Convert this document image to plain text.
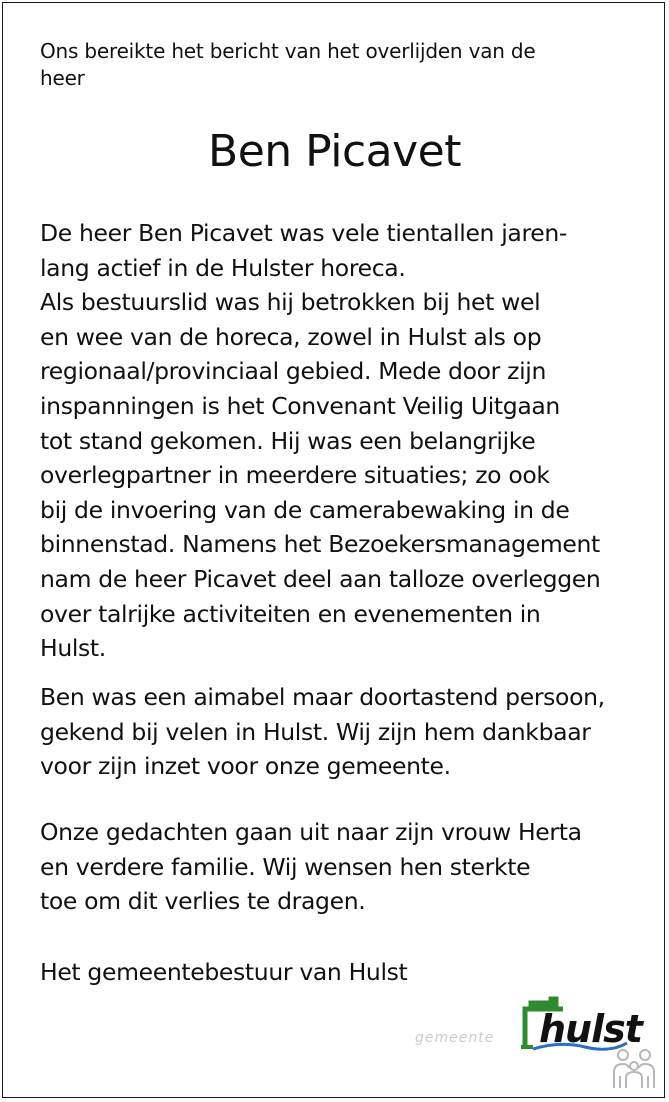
Ons bereikte het bericht van het overlijden van de
heer

Ben Picavet

De heer Ben Picavet was vele tientallen jaren-
lang actief in de Hulster horeca.
Als bestuurslid was hij betrokken bij het wel
en wee van de horeca, zowel in Hulst als op
regionaal/provinciaal gebied. Mede door zijn
inspanningen is het Convenant Veilig Uitgaan
tot stand gekomen. Hij was een belangrijke
overlegpartner in meerdere situaties; zo ook
bij de invoering van de camerabewaking in de
binnenstad. Namens het Bezoekersmanagement
nam de heer Picavet deel aan talloze overleggen
over talrijke activiteiten en evenementen in
Hulst.

Ben was een aimabel maar doortastend persoon,
gekend bij velen in Hulst. Wij zijn hem dankbaar
voor zijn inzet voor onze gemeente.

Onze gedachten gaan uit naar zijn vrouw Herta
en verdere familie. Wij wensen hen sterkte
toe om dit verlies te dragen.

Het gemeentebestuur van Hulst

gemeente hulst
